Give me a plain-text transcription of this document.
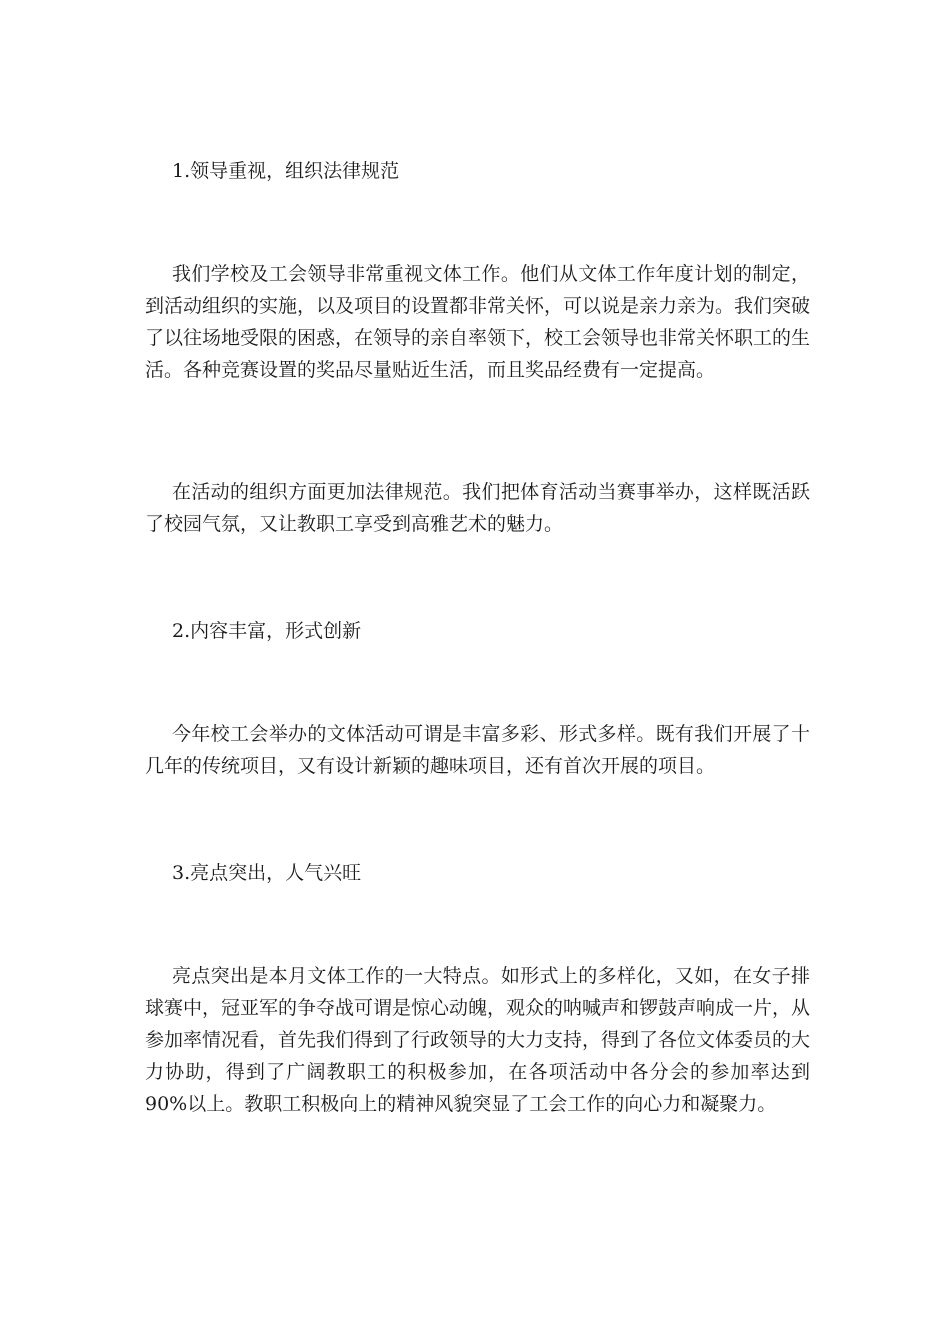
1.领导重视，组织法律规范

我们学校及工会领导非常重视文体工作。他们从文体工作年度计划的制定，到活动组织的实施，以及项目的设置都非常关怀，可以说是亲力亲为。我们突破了以往场地受限的困惑，在领导的亲自率领下，校工会领导也非常关怀职工的生活。各种竞赛设置的奖品尽量贴近生活，而且奖品经费有一定提高。

在活动的组织方面更加法律规范。我们把体育活动当赛事举办，这样既活跃了校园气氛，又让教职工享受到高雅艺术的魅力。

2.内容丰富，形式创新

今年校工会举办的文体活动可谓是丰富多彩、形式多样。既有我们开展了十几年的传统项目，又有设计新颖的趣味项目，还有首次开展的项目。

3.亮点突出，人气兴旺

亮点突出是本月文体工作的一大特点。如形式上的多样化，又如，在女子排球赛中，冠亚军的争夺战可谓是惊心动魄，观众的呐喊声和锣鼓声响成一片，从参加率情况看，首先我们得到了行政领导的大力支持，得到了各位文体委员的大力协助，得到了广阔教职工的积极参加，在各项活动中各分会的参加率达到90%以上。教职工积极向上的精神风貌突显了工会工作的向心力和凝聚力。
